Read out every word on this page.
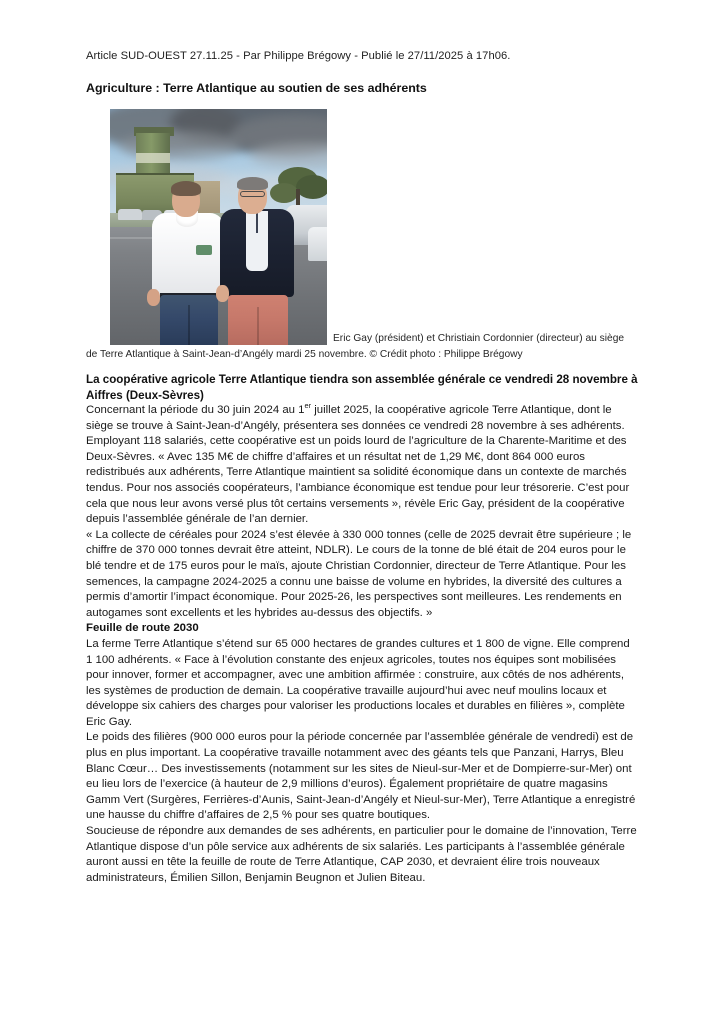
Article SUD-OUEST 27.11.25 - Par Philippe Brégowy - Publié le 27/11/2025 à 17h06.

Agriculture : Terre Atlantique au soutien de ses adhérents
Eric Gay (président) et Christiain Cordonnier (directeur) au siège de Terre Atlantique à Saint-Jean-d’Angély mardi 25 novembre. © Crédit photo : Philippe Brégowy
La coopérative agricole Terre Atlantique tiendra son assemblée générale ce vendredi 28 novembre à Aiffres (Deux-Sèvres)

Concernant la période du 30 juin 2024 au 1er juillet 2025, la coopérative agricole Terre Atlantique, dont le siège se trouve à Saint-Jean-d’Angély, présentera ses données ce vendredi 28 novembre à ses adhérents. Employant 118 salariés, cette coopérative est un poids lourd de l’agriculture de la Charente-Maritime et des Deux-Sèvres. « Avec 135 M€ de chiffre d’affaires et un résultat net de 1,29 M€, dont 864 000 euros redistribués aux adhérents, Terre Atlantique maintient sa solidité économique dans un contexte de marchés tendus. Pour nos associés coopérateurs, l’ambiance économique est tendue pour leur trésorerie. C’est pour cela que nous leur avons versé plus tôt certains versements », révèle Eric Gay, président de la coopérative depuis l’assemblée générale de l’an dernier.

« La collecte de céréales pour 2024 s’est élevée à 330 000 tonnes (celle de 2025 devrait être supérieure ; le chiffre de 370 000 tonnes devrait être atteint, NDLR). Le cours de la tonne de blé était de 204 euros pour le blé tendre et de 175 euros pour le maïs, ajoute Christian Cordonnier, directeur de Terre Atlantique. Pour les semences, la campagne 2024-2025 a connu une baisse de volume en hybrides, la diversité des cultures a permis d’amortir l’impact économique. Pour 2025-26, les perspectives sont meilleures. Les rendements en autogames sont excellents et les hybrides au-dessus des objectifs. »

Feuille de route 2030

La ferme Terre Atlantique s’étend sur 65 000 hectares de grandes cultures et 1 800 de vigne. Elle comprend 1 100 adhérents. « Face à l’évolution constante des enjeux agricoles, toutes nos équipes sont mobilisées pour innover, former et accompagner, avec une ambition affirmée : construire, aux côtés de nos adhérents, les systèmes de production de demain. La coopérative travaille aujourd’hui avec neuf moulins locaux et développe six cahiers des charges pour valoriser les productions locales et durables en filières », complète Eric Gay.

Le poids des filières (900 000 euros pour la période concernée par l’assemblée générale de vendredi) est de plus en plus important. La coopérative travaille notamment avec des géants tels que Panzani, Harrys, Bleu Blanc Cœur… Des investissements (notamment sur les sites de Nieul-sur-Mer et de Dompierre-sur-Mer) ont eu lieu lors de l’exercice (à hauteur de 2,9 millions d’euros). Également propriétaire de quatre magasins Gamm Vert (Surgères, Ferrières-d’Aunis, Saint-Jean-d’Angély et Nieul-sur-Mer), Terre Atlantique a enregistré une hausse du chiffre d’affaires de 2,5 % pour ses quatre boutiques.

Soucieuse de répondre aux demandes de ses adhérents, en particulier pour le domaine de l’innovation, Terre Atlantique dispose d’un pôle service aux adhérents de six salariés. Les participants à l’assemblée générale auront aussi en tête la feuille de route de Terre Atlantique, CAP 2030, et devraient élire trois nouveaux administrateurs, Émilien Sillon, Benjamin Beugnon et Julien Biteau.
